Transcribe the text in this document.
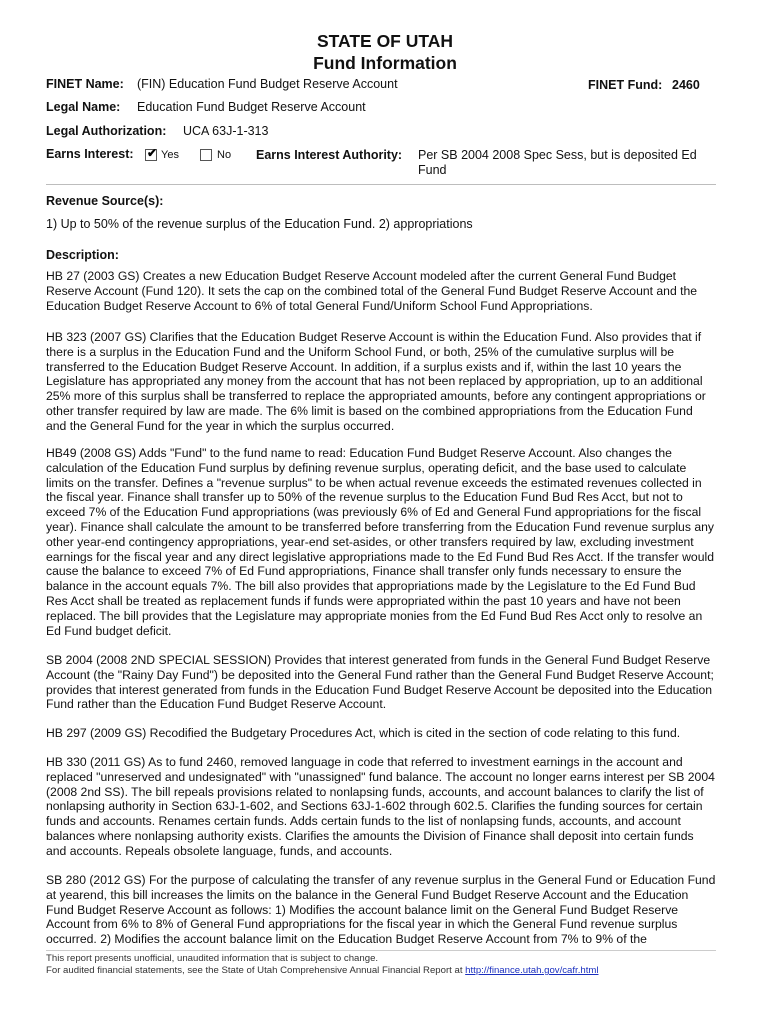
STATE OF UTAH
Fund Information
FINET Name: (FIN) Education Fund Budget Reserve Account	FINET Fund: 2460
Legal Name: Education Fund Budget Reserve Account
Legal Authorization: UCA 63J-1-313
Earns Interest: ✔ Yes	No Earns Interest Authority: Per SB 2004 2008 Spec Sess, but is deposited Ed
Fund
Revenue Source(s):
1) Up to 50% of the revenue surplus of the Education Fund. 2) appropriations
Description:

HB 27 (2003 GS) Creates a new Education Budget Reserve Account modeled after the current General Fund Budget Reserve Account (Fund 120). It sets the cap on the combined total of the General Fund Budget Reserve Account and the Education Budget Reserve Account to 6% of total General Fund/Uniform School Fund Appropriations.

HB 323 (2007 GS) Clarifies that the Education Budget Reserve Account is within the Education Fund. Also provides that if there is a surplus in the Education Fund and the Uniform School Fund, or both, 25% of the cumulative surplus will be transferred to the Education Budget Reserve Account. In addition, if a surplus exists and if, within the last 10 years the Legislature has appropriated any money from the account that has not been replaced by appropriation, up to an additional 25% more of this surplus shall be transferred to replace the appropriated amounts, before any contingent appropriations or other transfer required by law are made. The 6% limit is based on the combined appropriations from the Education Fund and the General Fund for the year in which the surplus occurred.

HB49 (2008 GS) Adds "Fund" to the fund name to read: Education Fund Budget Reserve Account. Also changes the calculation of the Education Fund surplus by defining revenue surplus, operating deficit, and the base used to calculate limits on the transfer. Defines a "revenue surplus" to be when actual revenue exceeds the estimated revenues collected in the fiscal year. Finance shall transfer up to 50% of the revenue surplus to the Education Fund Bud Res Acct, but not to exceed 7% of the Education Fund appropriations (was previously 6% of Ed and General Fund appropriations for the fiscal year). Finance shall calculate the amount to be transferred before transferring from the Education Fund revenue surplus any other year-end contingency appropriations, year-end set-asides, or other transfers required by law, excluding investment earnings for the fiscal year and any direct legislative appropriations made to the Ed Fund Bud Res Acct. If the transfer would cause the balance to exceed 7% of Ed Fund appropriations, Finance shall transfer only funds necessary to ensure the balance in the account equals 7%. The bill also provides that appropriations made by the Legislature to the Ed Fund Bud Res Acct shall be treated as replacement funds if funds were appropriated within the past 10 years and have not been replaced. The bill provides that the Legislature may appropriate monies from the Ed Fund Bud Res Acct only to resolve an Ed Fund budget deficit.

SB 2004 (2008 2ND SPECIAL SESSION) Provides that interest generated from funds in the General Fund Budget Reserve Account (the "Rainy Day Fund") be deposited into the General Fund rather than the General Fund Budget Reserve Account; provides that interest generated from funds in the Education Fund Budget Reserve Account be deposited into the Education Fund rather than the Education Fund Budget Reserve Account.

HB 297 (2009 GS) Recodified the Budgetary Procedures Act, which is cited in the section of code relating to this fund.

HB 330 (2011 GS) As to fund 2460, removed language in code that referred to investment earnings in the account and replaced "unreserved and undesignated" with "unassigned" fund balance. The account no longer earns interest per SB 2004 (2008 2nd SS). The bill repeals provisions related to nonlapsing funds, accounts, and account balances to clarify the list of nonlapsing authority in Section 63J-1-602, and Sections 63J-1-602 through 602.5. Clarifies the funding sources for certain funds and accounts. Renames certain funds. Adds certain funds to the list of nonlapsing funds, accounts, and account balances where nonlapsing authority exists. Clarifies the amounts the Division of Finance shall deposit into certain funds and accounts. Repeals obsolete language, funds, and accounts.

SB 280 (2012 GS) For the purpose of calculating the transfer of any revenue surplus in the General Fund or Education Fund at yearend, this bill increases the limits on the balance in the General Fund Budget Reserve Account and the Education Fund Budget Reserve Account as follows: 1) Modifies the account balance limit on the General Fund Budget Reserve Account from 6% to 8% of General Fund appropriations for the fiscal year in which the General Fund revenue surplus occurred. 2) Modifies the account balance limit on the Education Budget Reserve Account from 7% to 9% of the

This report presents unofficial, unaudited information that is subject to change.
For audited financial statements, see the State of Utah Comprehensive Annual Financial Report at http://finance.utah.gov/cafr.html
